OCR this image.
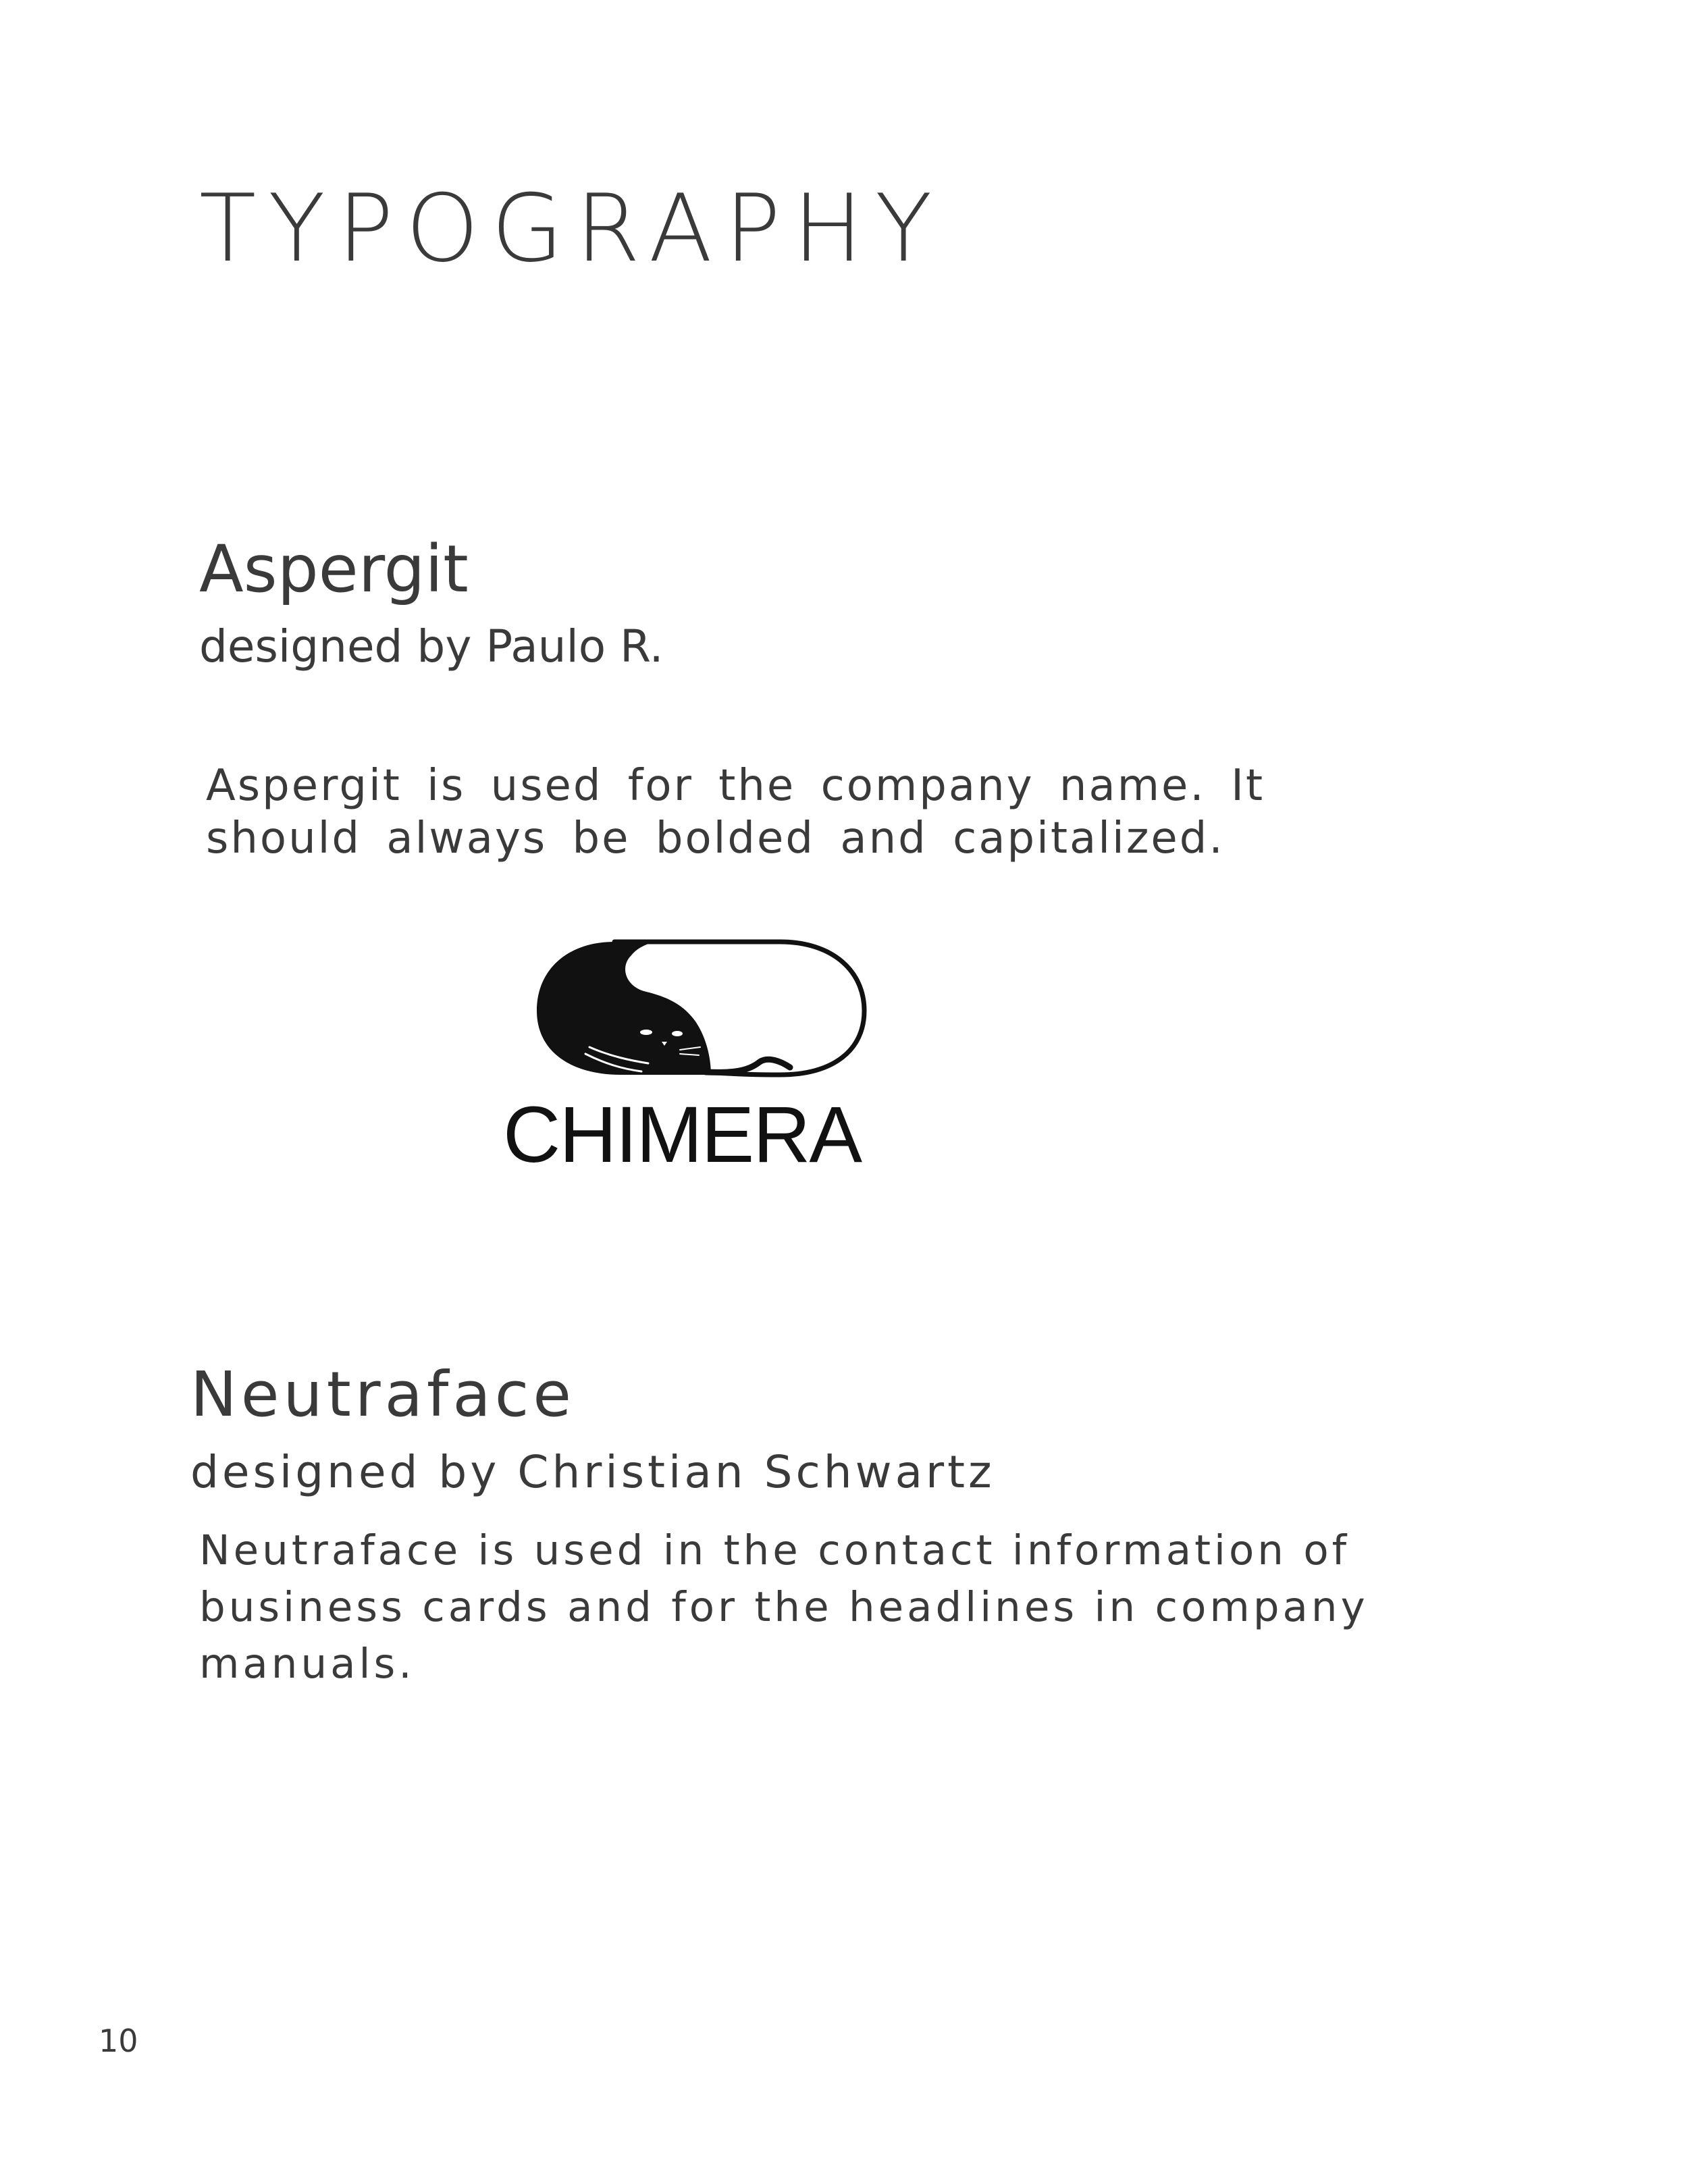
TYPOGRAPHY
Aspergit

designed by Paulo R.

Aspergit is used for the company name. It should always be bolded and capitalized.

CHIMERA
Neutraface

designed by Christian Schwartz

Neutraface is used in the contact information of business cards and for the headlines in company manuals.

10
